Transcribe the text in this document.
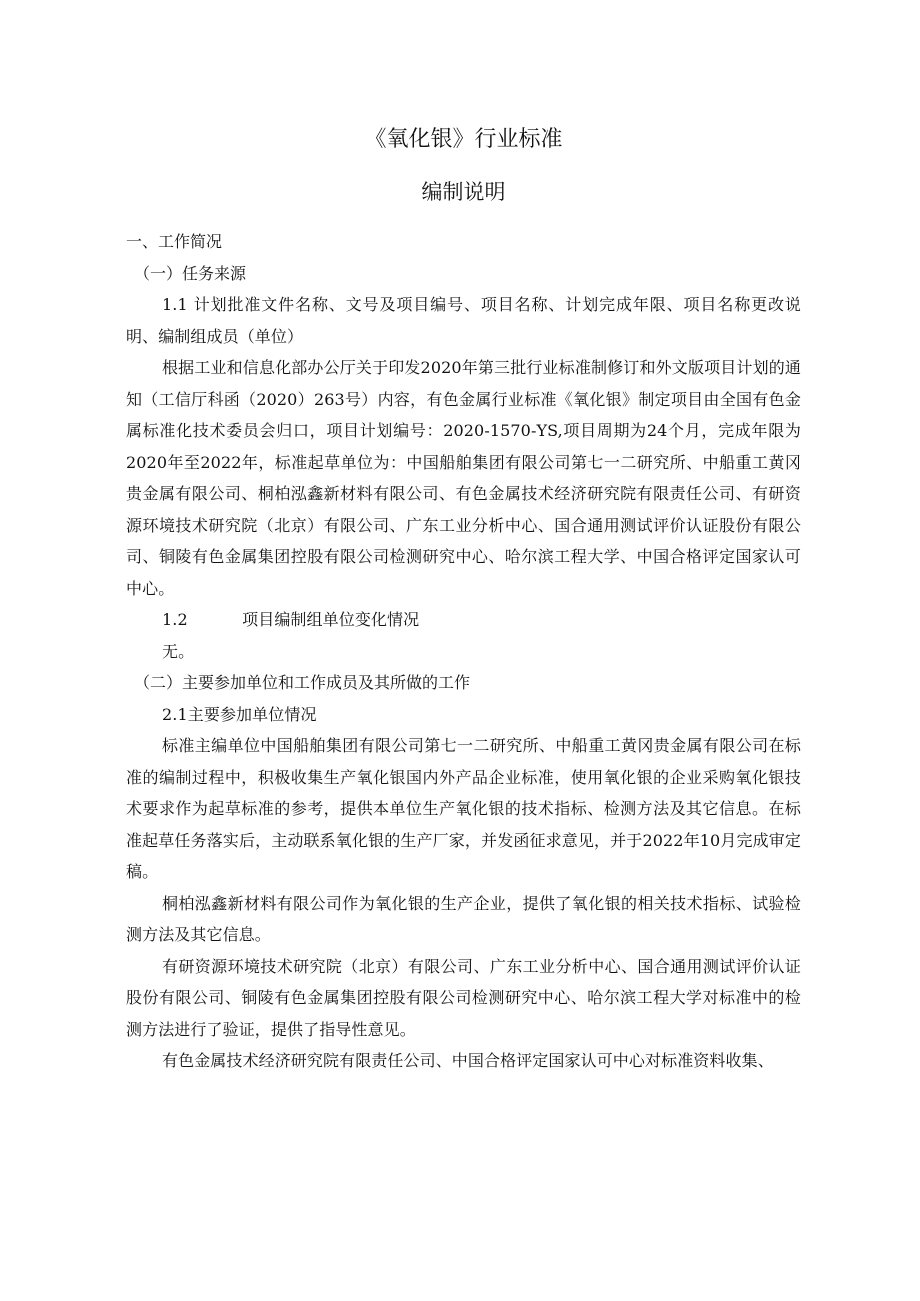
《氧化银》行业标准
编制说明
一、工作简况
（一）任务来源
1.1 计划批准文件名称、文号及项目编号、项目名称、计划完成年限、项目名称更改说明、编制组成员（单位）
根据工业和信息化部办公厅关于印发2020年第三批行业标准制修订和外文版项目计划的通知（工信厅科函（2020）263号）内容，有色金属行业标准《氧化银》制定项目由全国有色金属标准化技术委员会归口，项目计划编号：2020-1570-YS,项目周期为24个月，完成年限为2020年至2022年，标准起草单位为：中国船舶集团有限公司第七一二研究所、中船重工黄冈贵金属有限公司、桐柏泓鑫新材料有限公司、有色金属技术经济研究院有限责任公司、有研资源环境技术研究院（北京）有限公司、广东工业分析中心、国合通用测试评价认证股份有限公司、铜陵有色金属集团控股有限公司检测研究中心、哈尔滨工程大学、中国合格评定国家认可中心。
1.2	项目编制组单位变化情况
无。
（二）主要参加单位和工作成员及其所做的工作
2.1主要参加单位情况
标准主编单位中国船舶集团有限公司第七一二研究所、中船重工黄冈贵金属有限公司在标准的编制过程中，积极收集生产氧化银国内外产品企业标准，使用氧化银的企业采购氧化银技术要求作为起草标准的参考，提供本单位生产氧化银的技术指标、检测方法及其它信息。在标准起草任务落实后，主动联系氧化银的生产厂家，并发函征求意见，并于2022年10月完成审定稿。
桐柏泓鑫新材料有限公司作为氧化银的生产企业，提供了氧化银的相关技术指标、试验检测方法及其它信息。
有研资源环境技术研究院（北京）有限公司、广东工业分析中心、国合通用测试评价认证股份有限公司、铜陵有色金属集团控股有限公司检测研究中心、哈尔滨工程大学对标准中的检测方法进行了验证，提供了指导性意见。
有色金属技术经济研究院有限责任公司、中国合格评定国家认可中心对标准资料收集、
